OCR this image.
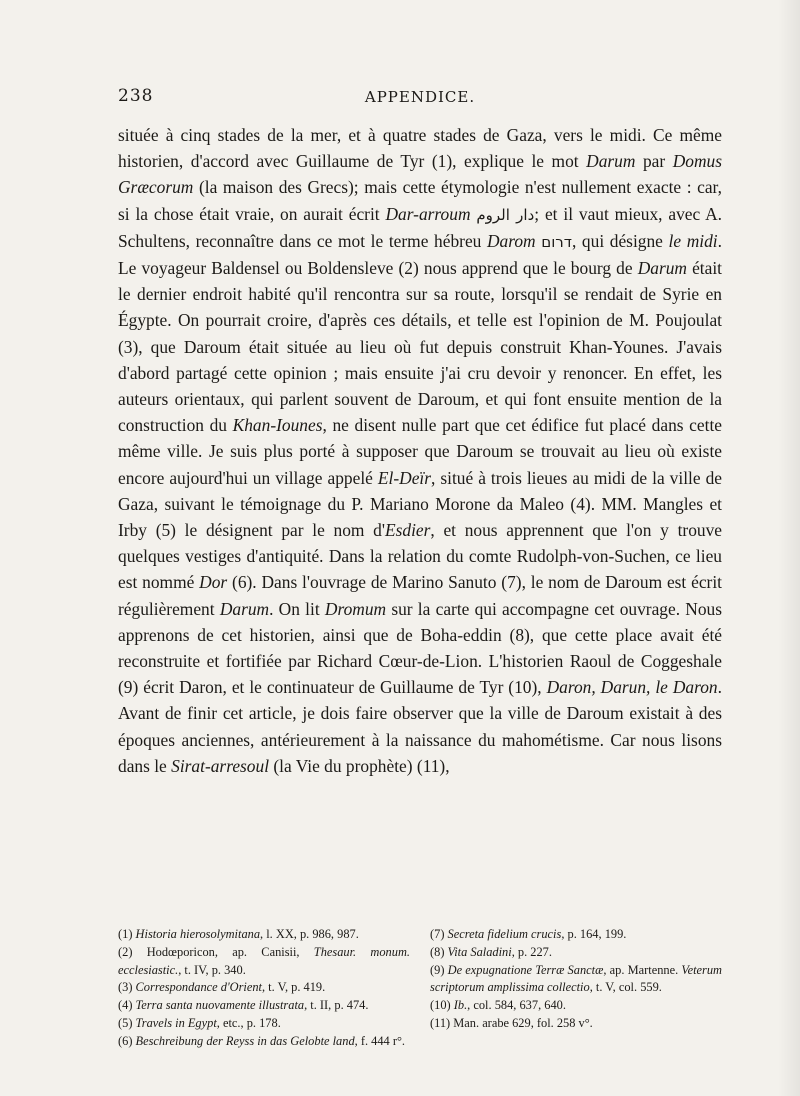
238	APPENDICE.

située à cinq stades de la mer, et à quatre stades de Gaza, vers le midi. Ce même historien, d'accord avec Guillaume de Tyr (1), explique le mot Darum par Domus Græcorum (la maison des Grecs); mais cette étymologie n'est nullement exacte : car, si la chose était vraie, on aurait écrit Dar-arroum دار الروم; et il vaut mieux, avec A. Schultens, reconnaître dans ce mot le terme hébreu Darom דרום, qui désigne le midi. Le voyageur Baldensel ou Boldensleve (2) nous apprend que le bourg de Darum était le dernier endroit habité qu'il rencontra sur sa route, lorsqu'il se rendait de Syrie en Égypte. On pourrait croire, d'après ces détails, et telle est l'opinion de M. Poujoulat (3), que Daroum était située au lieu où fut depuis construit Khan-Younes. J'avais d'abord partagé cette opinion ; mais ensuite j'ai cru devoir y renoncer. En effet, les auteurs orientaux, qui parlent souvent de Daroum, et qui font ensuite mention de la construction du Khan-Iounes, ne disent nulle part que cet édifice fut placé dans cette même ville. Je suis plus porté à supposer que Daroum se trouvait au lieu où existe encore aujourd'hui un village appelé El-Deïr, situé à trois lieues au midi de la ville de Gaza, suivant le témoignage du P. Mariano Morone da Maleo (4). MM. Mangles et Irby (5) le désignent par le nom d'Esdier, et nous apprennent que l'on y trouve quelques vestiges d'antiquité. Dans la relation du comte Rudolph-von-Suchen, ce lieu est nommé Dor (6). Dans l'ouvrage de Marino Sanuto (7), le nom de Daroum est écrit régulièrement Darum. On lit Dromum sur la carte qui accompagne cet ouvrage. Nous apprenons de cet historien, ainsi que de Boha-eddin (8), que cette place avait été reconstruite et fortifiée par Richard Cœur-de-Lion. L'historien Raoul de Coggeshale (9) écrit Daron, et le continuateur de Guillaume de Tyr (10), Daron, Darun, le Daron. Avant de finir cet article, je dois faire observer que la ville de Daroum existait à des époques anciennes, antérieurement à la naissance du mahométisme. Car nous lisons dans le Sirat-arresoul (la Vie du prophète) (11),

(1) Historia hierosolymitana, l. XX, p. 986, 987.

(2) Hodœporicon, ap. Canisii, Thesaur. monum. ecclesiastic., t. IV, p. 340.

(3) Correspondance d'Orient, t. V, p. 419.

(4) Terra santa nuovamente illustrata, t. II, p. 474.

(5) Travels in Egypt, etc., p. 178.

(6) Beschreibung der Reyss in das Gelobte land, f. 444 r°.

(7) Secreta fidelium crucis, p. 164, 199.

(8) Vita Saladini, p. 227.

(9) De expugnatione Terræ Sanctæ, ap. Martenne. Veterum scriptorum amplissima collectio, t. V, col. 559.

(10) Ib., col. 584, 637, 640.

(11) Man. arabe 629, fol. 258 v°.
